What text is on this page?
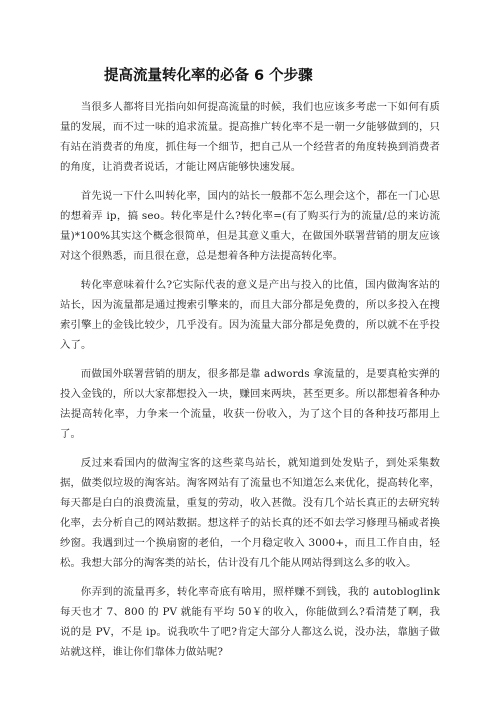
提高流量转化率的必备 6 个步骤

当很多人都将目光指向如何提高流量的时候，我们也应该多考虑一下如何有质量的发展，而不过一味的追求流量。提高推广转化率不是一朝一夕能够做到的，只有站在消费者的角度，抓住每一个细节，把自己从一个经营者的角度转换到消费者的角度，让消费者说话，才能让网店能够快速发展。

首先说一下什么叫转化率，国内的站长一般都不怎么理会这个，都在一门心思的想着弄 ip，搞 seo。转化率是什么?转化率=(有了购买行为的流量/总的来访流量)*100%其实这个概念很简单，但是其意义重大，在做国外联署营销的朋友应该对这个很熟悉，而且很在意，总是想着各种方法提高转化率。

转化率意味着什么?它实际代表的意义是产出与投入的比值，国内做淘客站的站长，因为流量都是通过搜索引擎来的，而且大部分都是免费的，所以多投入在搜索引擎上的金钱比较少，几乎没有。因为流量大部分都是免费的，所以就不在乎投入了。

而做国外联署营销的朋友，很多都是靠 adwords 拿流量的，是要真枪实弹的投入金钱的，所以大家都想投入一块，赚回来两块，甚至更多。所以都想着各种办法提高转化率，力争来一个流量，收获一份收入，为了这个目的各种技巧都用上了。

反过来看国内的做淘宝客的这些菜鸟站长，就知道到处发贴子，到处采集数据，做类似垃圾的淘客站。淘客网站有了流量也不知道怎么来优化，提高转化率，每天都是白白的浪费流量，重复的劳动，收入甚微。没有几个站长真正的去研究转化率，去分析自己的网站数据。想这样子的站长真的还不如去学习修理马桶或者换纱窗。我遇到过一个换扇窗的老伯，一个月稳定收入 3000+，而且工作自由，轻松。我想大部分的淘客类的站长，估计没有几个能从网站得到这么多的收入。

你弄到的流量再多，转化率奇底有啥用，照样赚不到钱，我的 autobloglink 每天也才 7、800 的 PV 就能有平均 50￥的收入，你能做到么?看清楚了啊，我说的是 PV，不是 ip。说我吹牛了吧?肯定大部分人都这么说，没办法，靠脑子做站就这样，谁让你们靠体力做站呢?
